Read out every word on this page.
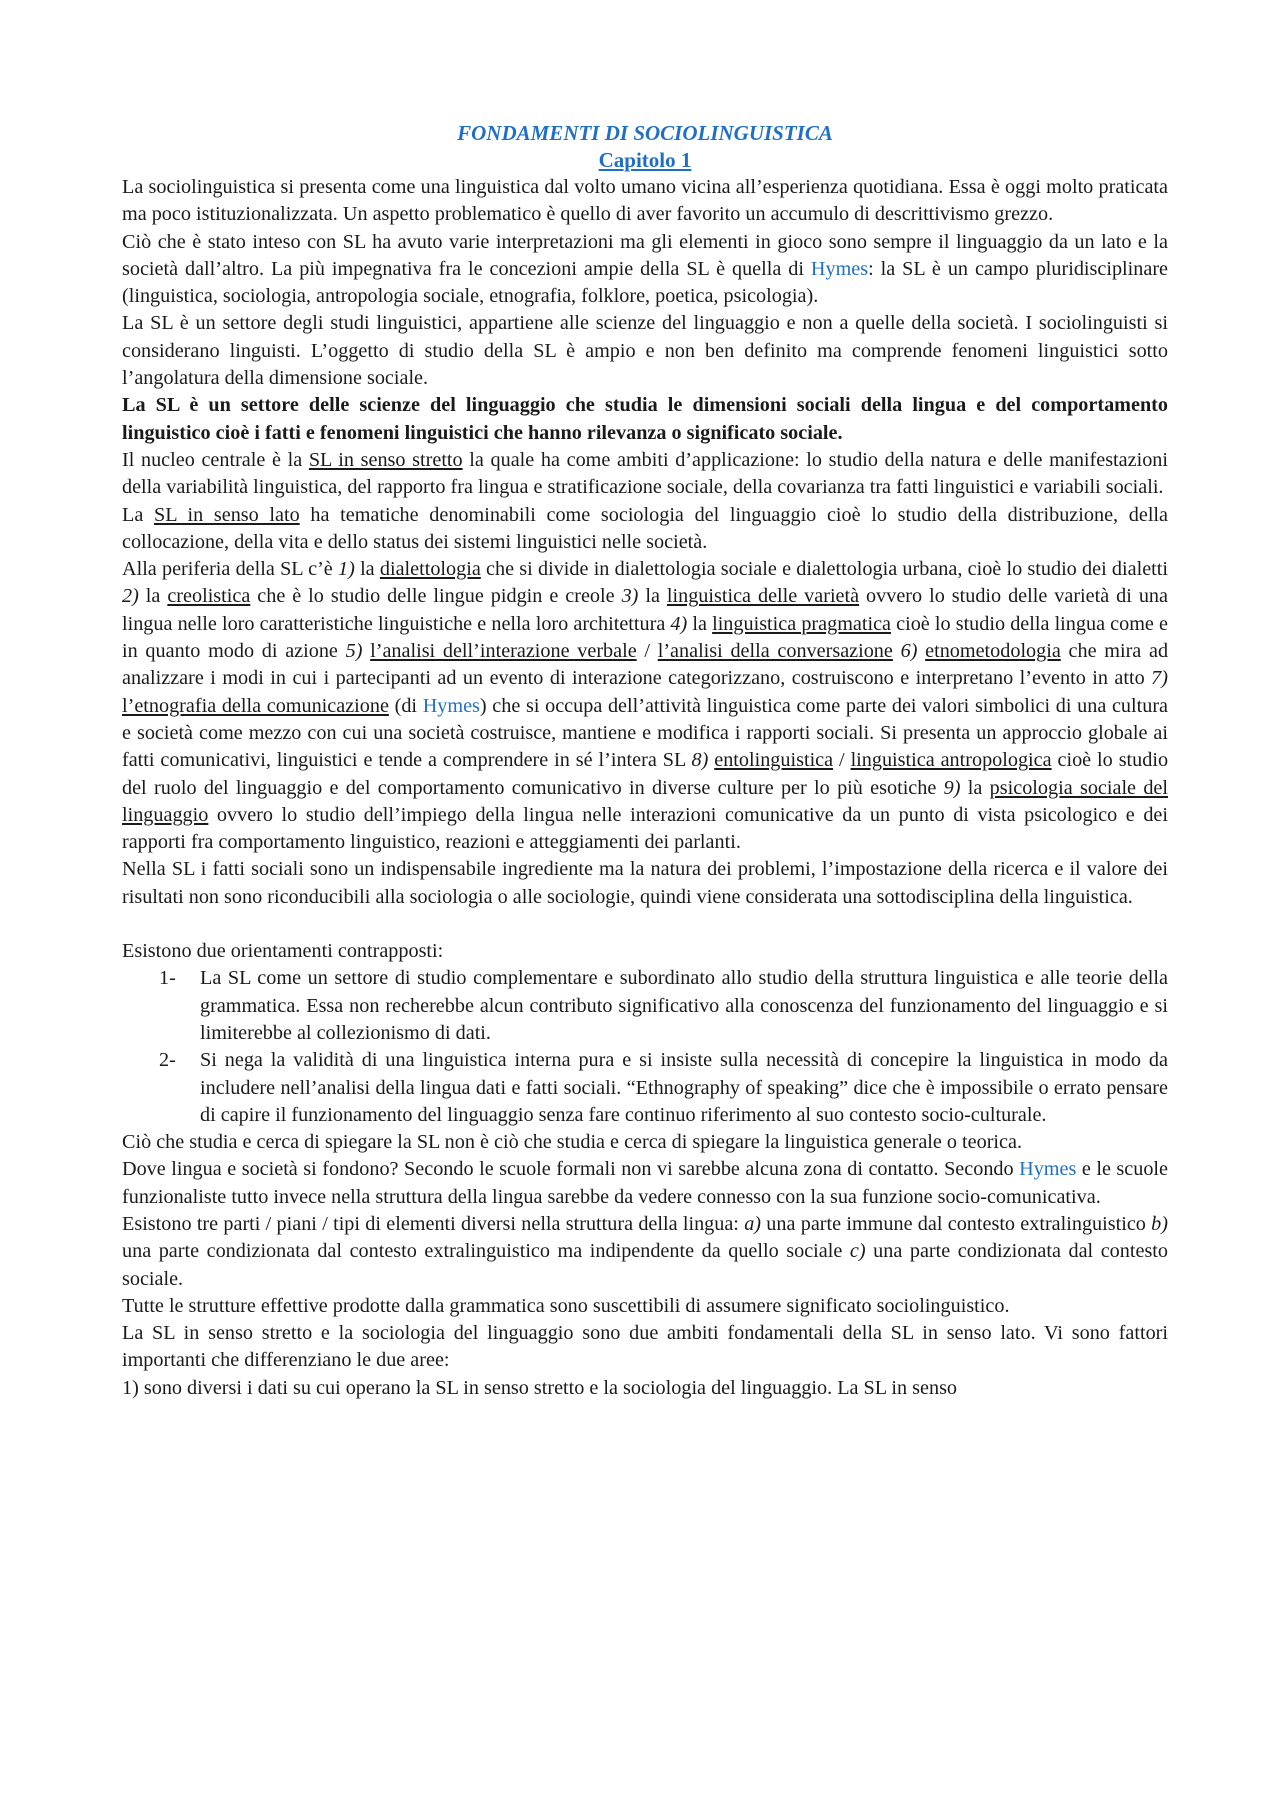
FONDAMENTI DI SOCIOLINGUISTICA

Capitolo 1

La sociolinguistica si presenta come una linguistica dal volto umano vicina all’esperienza quotidiana. Essa è oggi molto praticata ma poco istituzionalizzata. Un aspetto problematico è quello di aver favorito un accumulo di descrittivismo grezzo.

Ciò che è stato inteso con SL ha avuto varie interpretazioni ma gli elementi in gioco sono sempre il linguaggio da un lato e la società dall’altro. La più impegnativa fra le concezioni ampie della SL è quella di Hymes: la SL è un campo pluridisciplinare (linguistica, sociologia, antropologia sociale, etnografia, folklore, poetica, psicologia).

La SL è un settore degli studi linguistici, appartiene alle scienze del linguaggio e non a quelle della società. I sociolinguisti si considerano linguisti. L’oggetto di studio della SL è ampio e non ben definito ma comprende fenomeni linguistici sotto l’angolatura della dimensione sociale.

La SL è un settore delle scienze del linguaggio che studia le dimensioni sociali della lingua e del comportamento linguistico cioè i fatti e fenomeni linguistici che hanno rilevanza o significato sociale.

Il nucleo centrale è la SL in senso stretto la quale ha come ambiti d’applicazione: lo studio della natura e delle manifestazioni della variabilità linguistica, del rapporto fra lingua e stratificazione sociale, della covarianza tra fatti linguistici e variabili sociali.

La SL in senso lato ha tematiche denominabili come sociologia del linguaggio cioè lo studio della distribuzione, della collocazione, della vita e dello status dei sistemi linguistici nelle società.

Alla periferia della SL c’è 1) la dialettologia che si divide in dialettologia sociale e dialettologia urbana, cioè lo studio dei dialetti 2) la creolistica che è lo studio delle lingue pidgin e creole 3) la linguistica delle varietà ovvero lo studio delle varietà di una lingua nelle loro caratteristiche linguistiche e nella loro architettura 4) la linguistica pragmatica cioè lo studio della lingua come e in quanto modo di azione 5) l’analisi dell’interazione verbale / l’analisi della conversazione 6) etnometodologia che mira ad analizzare i modi in cui i partecipanti ad un evento di interazione categorizzano, costruiscono e interpretano l’evento in atto 7) l’etnografia della comunicazione (di Hymes) che si occupa dell’attività linguistica come parte dei valori simbolici di una cultura e società come mezzo con cui una società costruisce, mantiene e modifica i rapporti sociali. Si presenta un approccio globale ai fatti comunicativi, linguistici e tende a comprendere in sé l’intera SL 8) entolinguistica / linguistica antropologica cioè lo studio del ruolo del linguaggio e del comportamento comunicativo in diverse culture per lo più esotiche 9) la psicologia sociale del linguaggio ovvero lo studio dell’impiego della lingua nelle interazioni comunicative da un punto di vista psicologico e dei rapporti fra comportamento linguistico, reazioni e atteggiamenti dei parlanti.

Nella SL i fatti sociali sono un indispensabile ingrediente ma la natura dei problemi, l’impostazione della ricerca e il valore dei risultati non sono riconducibili alla sociologia o alle sociologie, quindi viene considerata una sottodisciplina della linguistica.

Esistono due orientamenti contrapposti:

1-	La SL come un settore di studio complementare e subordinato allo studio della struttura linguistica e alle teorie della grammatica. Essa non recherebbe alcun contributo significativo alla conoscenza del funzionamento del linguaggio e si limiterebbe al collezionismo di dati.
2-	Si nega la validità di una linguistica interna pura e si insiste sulla necessità di concepire la linguistica in modo da includere nell’analisi della lingua dati e fatti sociali. “Ethnography of speaking” dice che è impossibile o errato pensare di capire il funzionamento del linguaggio senza fare continuo riferimento al suo contesto socio-culturale.

Ciò che studia e cerca di spiegare la SL non è ciò che studia e cerca di spiegare la linguistica generale o teorica.

Dove lingua e società si fondono? Secondo le scuole formali non vi sarebbe alcuna zona di contatto. Secondo Hymes e le scuole funzionaliste tutto invece nella struttura della lingua sarebbe da vedere connesso con la sua funzione socio-comunicativa.

Esistono tre parti / piani / tipi di elementi diversi nella struttura della lingua: a) una parte immune dal contesto extralinguistico b) una parte condizionata dal contesto extralinguistico ma indipendente da quello sociale c) una parte condizionata dal contesto sociale.

Tutte le strutture effettive prodotte dalla grammatica sono suscettibili di assumere significato sociolinguistico.

La SL in senso stretto e la sociologia del linguaggio sono due ambiti fondamentali della SL in senso lato. Vi sono fattori importanti che differenziano le due aree:

1) sono diversi i dati su cui operano la SL in senso stretto e la sociologia del linguaggio. La SL in senso
